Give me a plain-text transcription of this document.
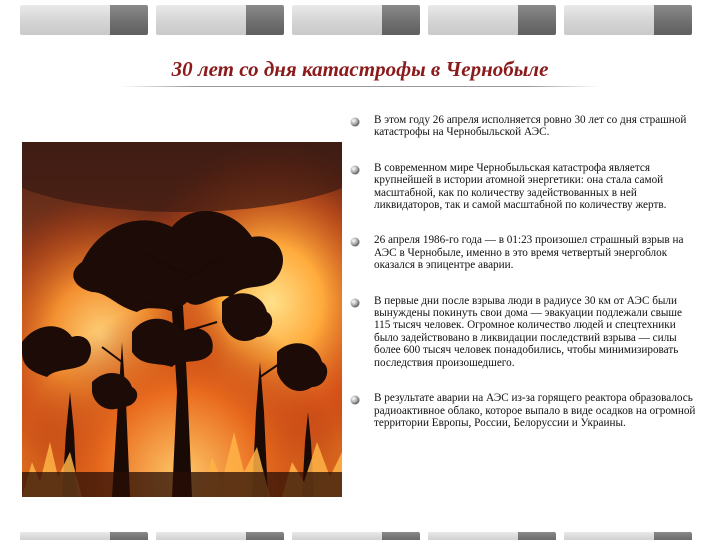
30 лет со дня катастрофы в Чернобыле
В этом году 26 апреля исполняется ровно 30 лет со дня страшной катастрофы на Чернобыльской АЭС.
В современном мире Чернобыльская катастрофа является крупнейшей в истории атомной энергетики: она стала самой масштабной, как по количеству задействованных в ней ликвидаторов, так и самой масштабной по количеству жертв.
26 апреля 1986-го года — в 01:23 произошел страшный взрыв на АЭС в Чернобыле, именно в это время четвертый энергоблок оказался в эпицентре аварии.
В первые дни после взрыва люди в радиусе 30 км от АЭС были вынуждены покинуть свои дома — эвакуации подлежали свыше 115 тысяч человек. Огромное количество людей и спецтехники было задействовано в ликвидации последствий взрыва — силы более 600 тысяч человек понадобились, чтобы минимизировать последствия произошедшего.
В результате аварии на АЭС из-за горящего реактора образовалось радиоактивное облако, которое выпало в виде осадков на огромной территории Европы, России, Белоруссии и Украины.
